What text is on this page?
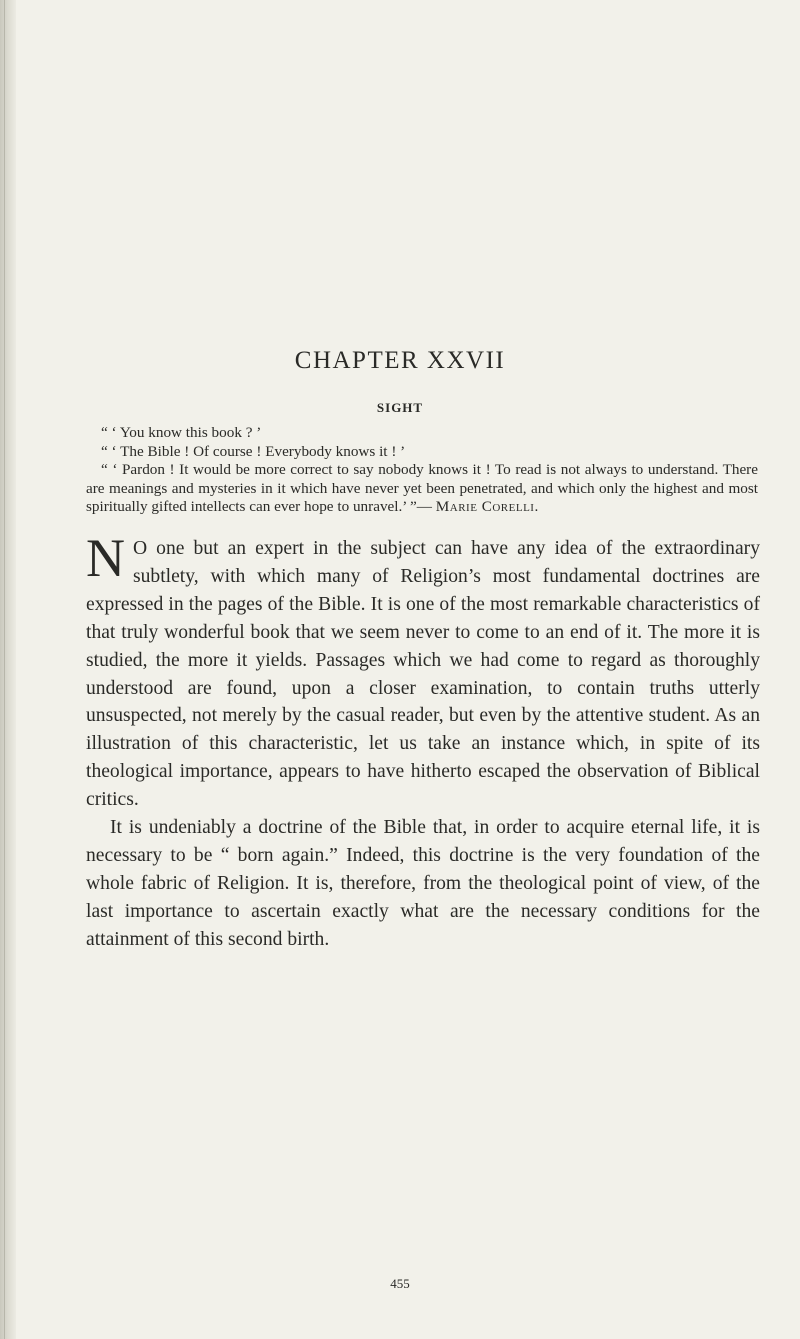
CHAPTER XXVII
SIGHT

“ ‘ You know this book ? ’

“ ‘ The Bible ! Of course ! Everybody knows it ! ’

“ ‘ Pardon ! It would be more correct to say nobody knows it ! To read is not always to understand. There are meanings and mysteries in it which have never yet been penetrated, and which only the highest and most spiritually gifted intellects can ever hope to unravel.’ ”— Marie Corelli.

N O one but an expert in the subject can have any idea of the extraordinary subtlety, with which many of Religion’s most fundamental doctrines are expressed in the pages of the Bible. It is one of the most remarkable characteristics of that truly wonderful book that we seem never to come to an end of it. The more it is studied, the more it yields. Passages which we had come to regard as thoroughly understood are found, upon a closer examination, to contain truths utterly unsuspected, not merely by the casual reader, but even by the attentive student. As an illustration of this characteristic, let us take an instance which, in spite of its theological importance, appears to have hitherto escaped the observation of Biblical critics.

It is undeniably a doctrine of the Bible that, in order to acquire eternal life, it is necessary to be “ born again.” Indeed, this doctrine is the very foundation of the whole fabric of Religion. It is, therefore, from the theological point of view, of the last importance to ascertain exactly what are the necessary conditions for the attainment of this second birth.

455
